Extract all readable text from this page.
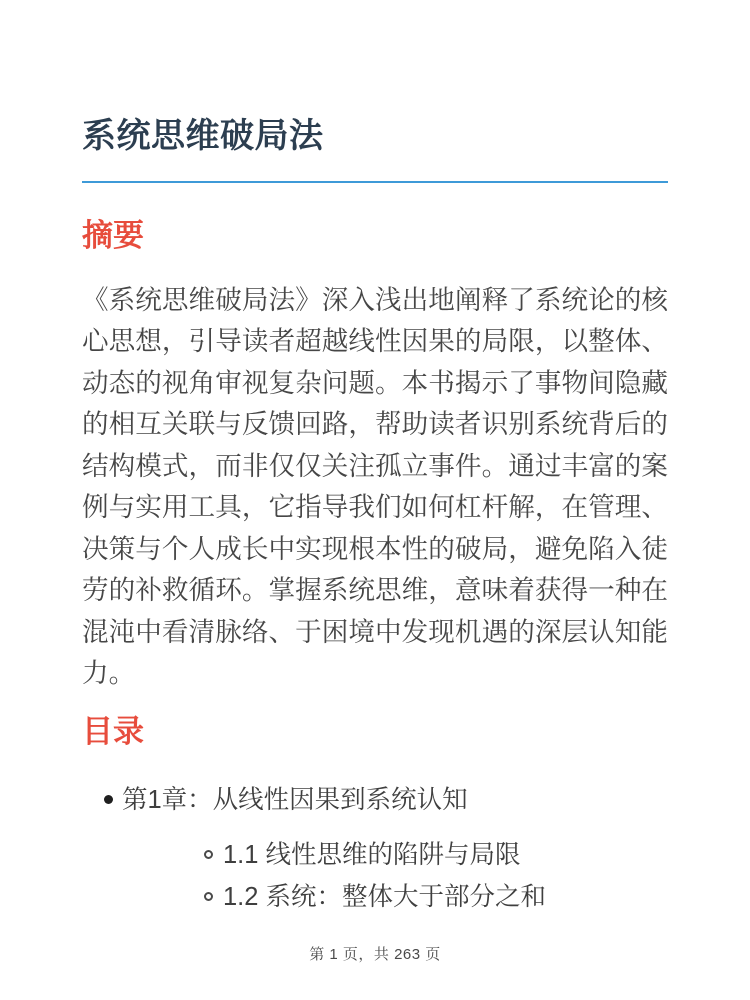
系统思维破局法
摘要

《系统思维破局法》深入浅出地阐释了系统论的核心思想，引导读者超越线性因果的局限，以整体、动态的视角审视复杂问题。本书揭示了事物间隐藏的相互关联与反馈回路，帮助读者识别系统背后的结构模式，而非仅仅关注孤立事件。通过丰富的案例与实用工具，它指导我们如何杠杆解，在管理、决策与个人成长中实现根本性的破局，避免陷入徒劳的补救循环。掌握系统思维，意味着获得一种在混沌中看清脉络、于困境中发现机遇的深层认知能力。

目录
第1章：从线性因果到系统认知
1.1 线性思维的陷阱与局限
1.2 系统：整体大于部分之和
第 1 页，共 263 页
